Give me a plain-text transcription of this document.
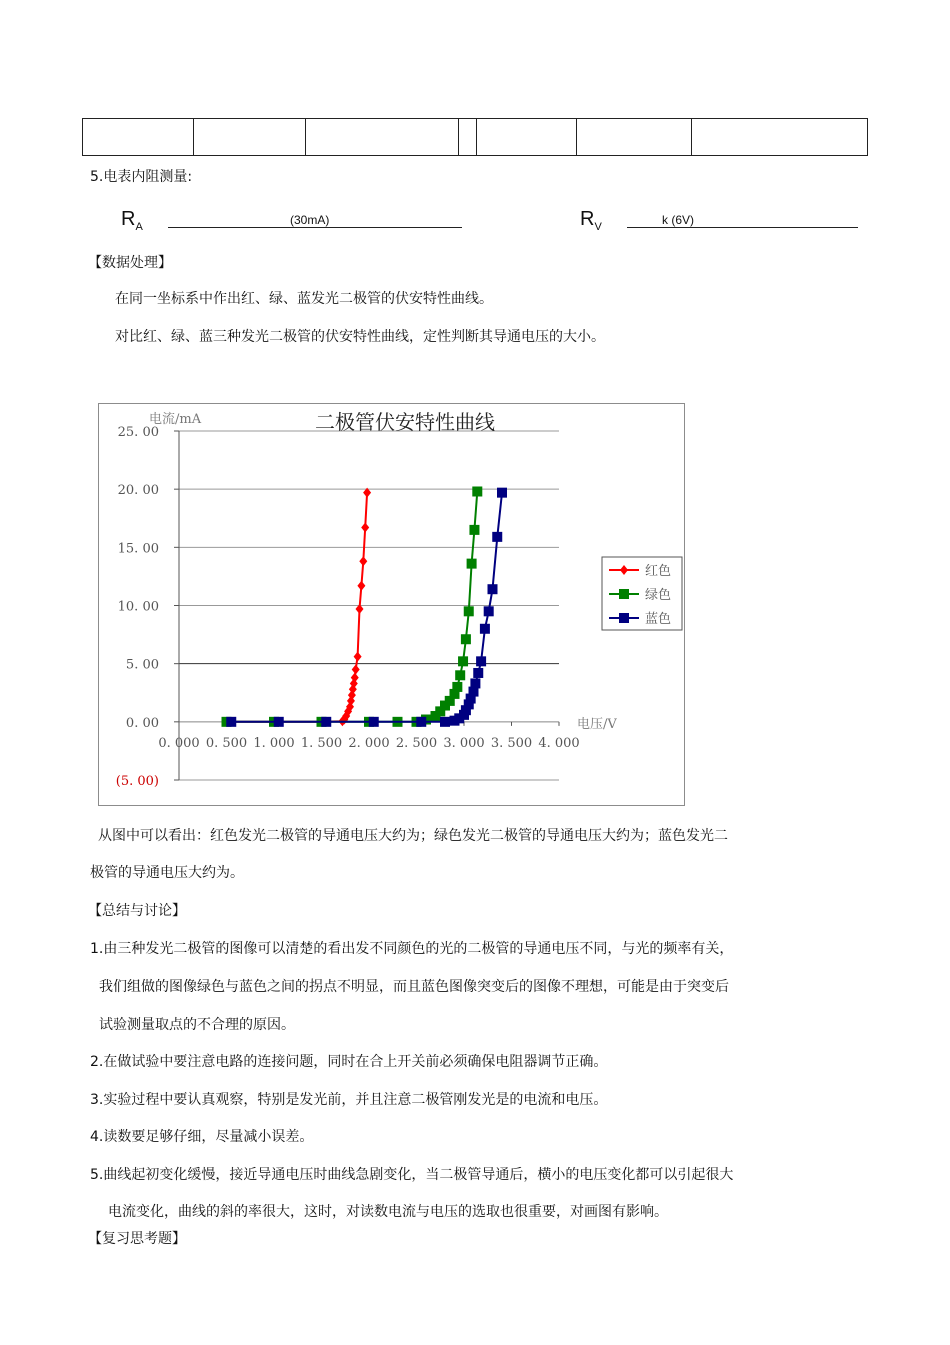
5.电表内阻测量:
$R_A$	(30mA)	$R_V$	k (6V)
【数据处理】
在同一坐标系中作出红、绿、蓝发光二极管的伏安特性曲线。
对比红、绿、蓝三种发光二极管的伏安特性曲线，定性判断其导通电压的大小。
25. 00
20. 00
15. 00
10. 00
5. 00
0. 00
(5. 00)
0. 000 0. 500 1. 000 1. 500 2. 000 2. 500 3. 000 3. 500 4. 000
二极管伏安特性曲线
电流/mA
电压/V
红色
绿色
蓝色
从图中可以看出：红色发光二极管的导通电压大约为；绿色发光二极管的导通电压大约为；蓝色发光二
极管的导通电压大约为。
【总结与讨论】
1.由三种发光二极管的图像可以清楚的看出发不同颜色的光的二极管的导通电压不同，与光的频率有关，
我们组做的图像绿色与蓝色之间的拐点不明显，而且蓝色图像突变后的图像不理想，可能是由于突变后
试验测量取点的不合理的原因。
2.在做试验中要注意电路的连接问题，同时在合上开关前必须确保电阻器调节正确。
3.实验过程中要认真观察，特别是发光前，并且注意二极管刚发光是的电流和电压。
4.读数要足够仔细，尽量减小误差。
5.曲线起初变化缓慢，接近导通电压时曲线急剧变化，当二极管导通后，横小的电压变化都可以引起很大
电流变化，曲线的斜的率很大，这时，对读数电流与电压的选取也很重要，对画图有影响。
【复习思考题】
